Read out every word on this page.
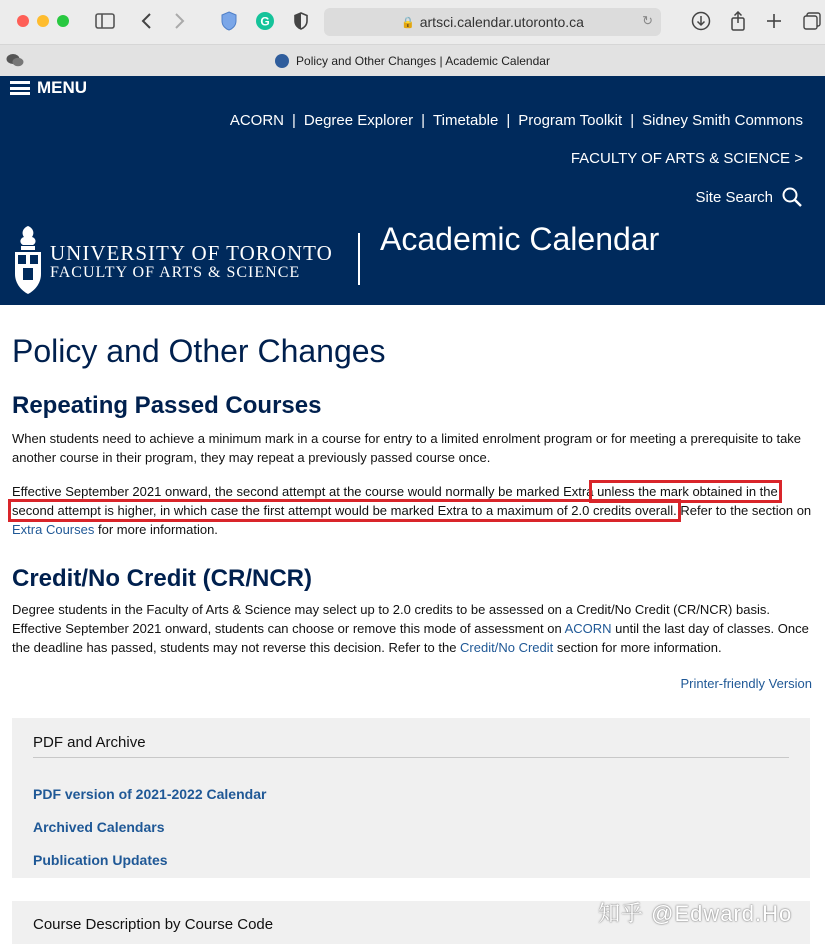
G	🔒 artsci.calendar.utoronto.ca	↻
Policy and Other Changes | Academic Calendar
MENU
ACORN | Degree Explorer | Timetable | Program Toolkit | Sidney Smith Commons
FACULTY OF ARTS & SCIENCE >
Site Search
UNIVERSITY OF TORONTO
FACULTY OF ARTS & SCIENCE
Academic Calendar
Policy and Other Changes
Repeating Passed Courses

When students need to achieve a minimum mark in a course for entry to a limited enrolment program or for meeting a prerequisite to take another course in their program, they may repeat a previously passed course once.

Effective September 2021 onward, the second attempt at the course would normally be marked Extra unless the mark obtained in the second attempt is higher, in which case the first attempt would be marked Extra to a maximum of 2.0 credits overall. Refer to the section on Extra Courses for more information.

Credit/No Credit (CR/NCR)

Degree students in the Faculty of Arts & Science may select up to 2.0 credits to be assessed on a Credit/No Credit (CR/NCR) basis. Effective September 2021 onward, students can choose or remove this mode of assessment on ACORN until the last day of classes. Once the deadline has passed, students may not reverse this decision. Refer to the Credit/No Credit section for more information.

Printer-friendly Version
PDF and Archive
PDF version of 2021-2022 Calendar
Archived Calendars
Publication Updates
Course Description by Course Code	知乎 @Edward.Ho
